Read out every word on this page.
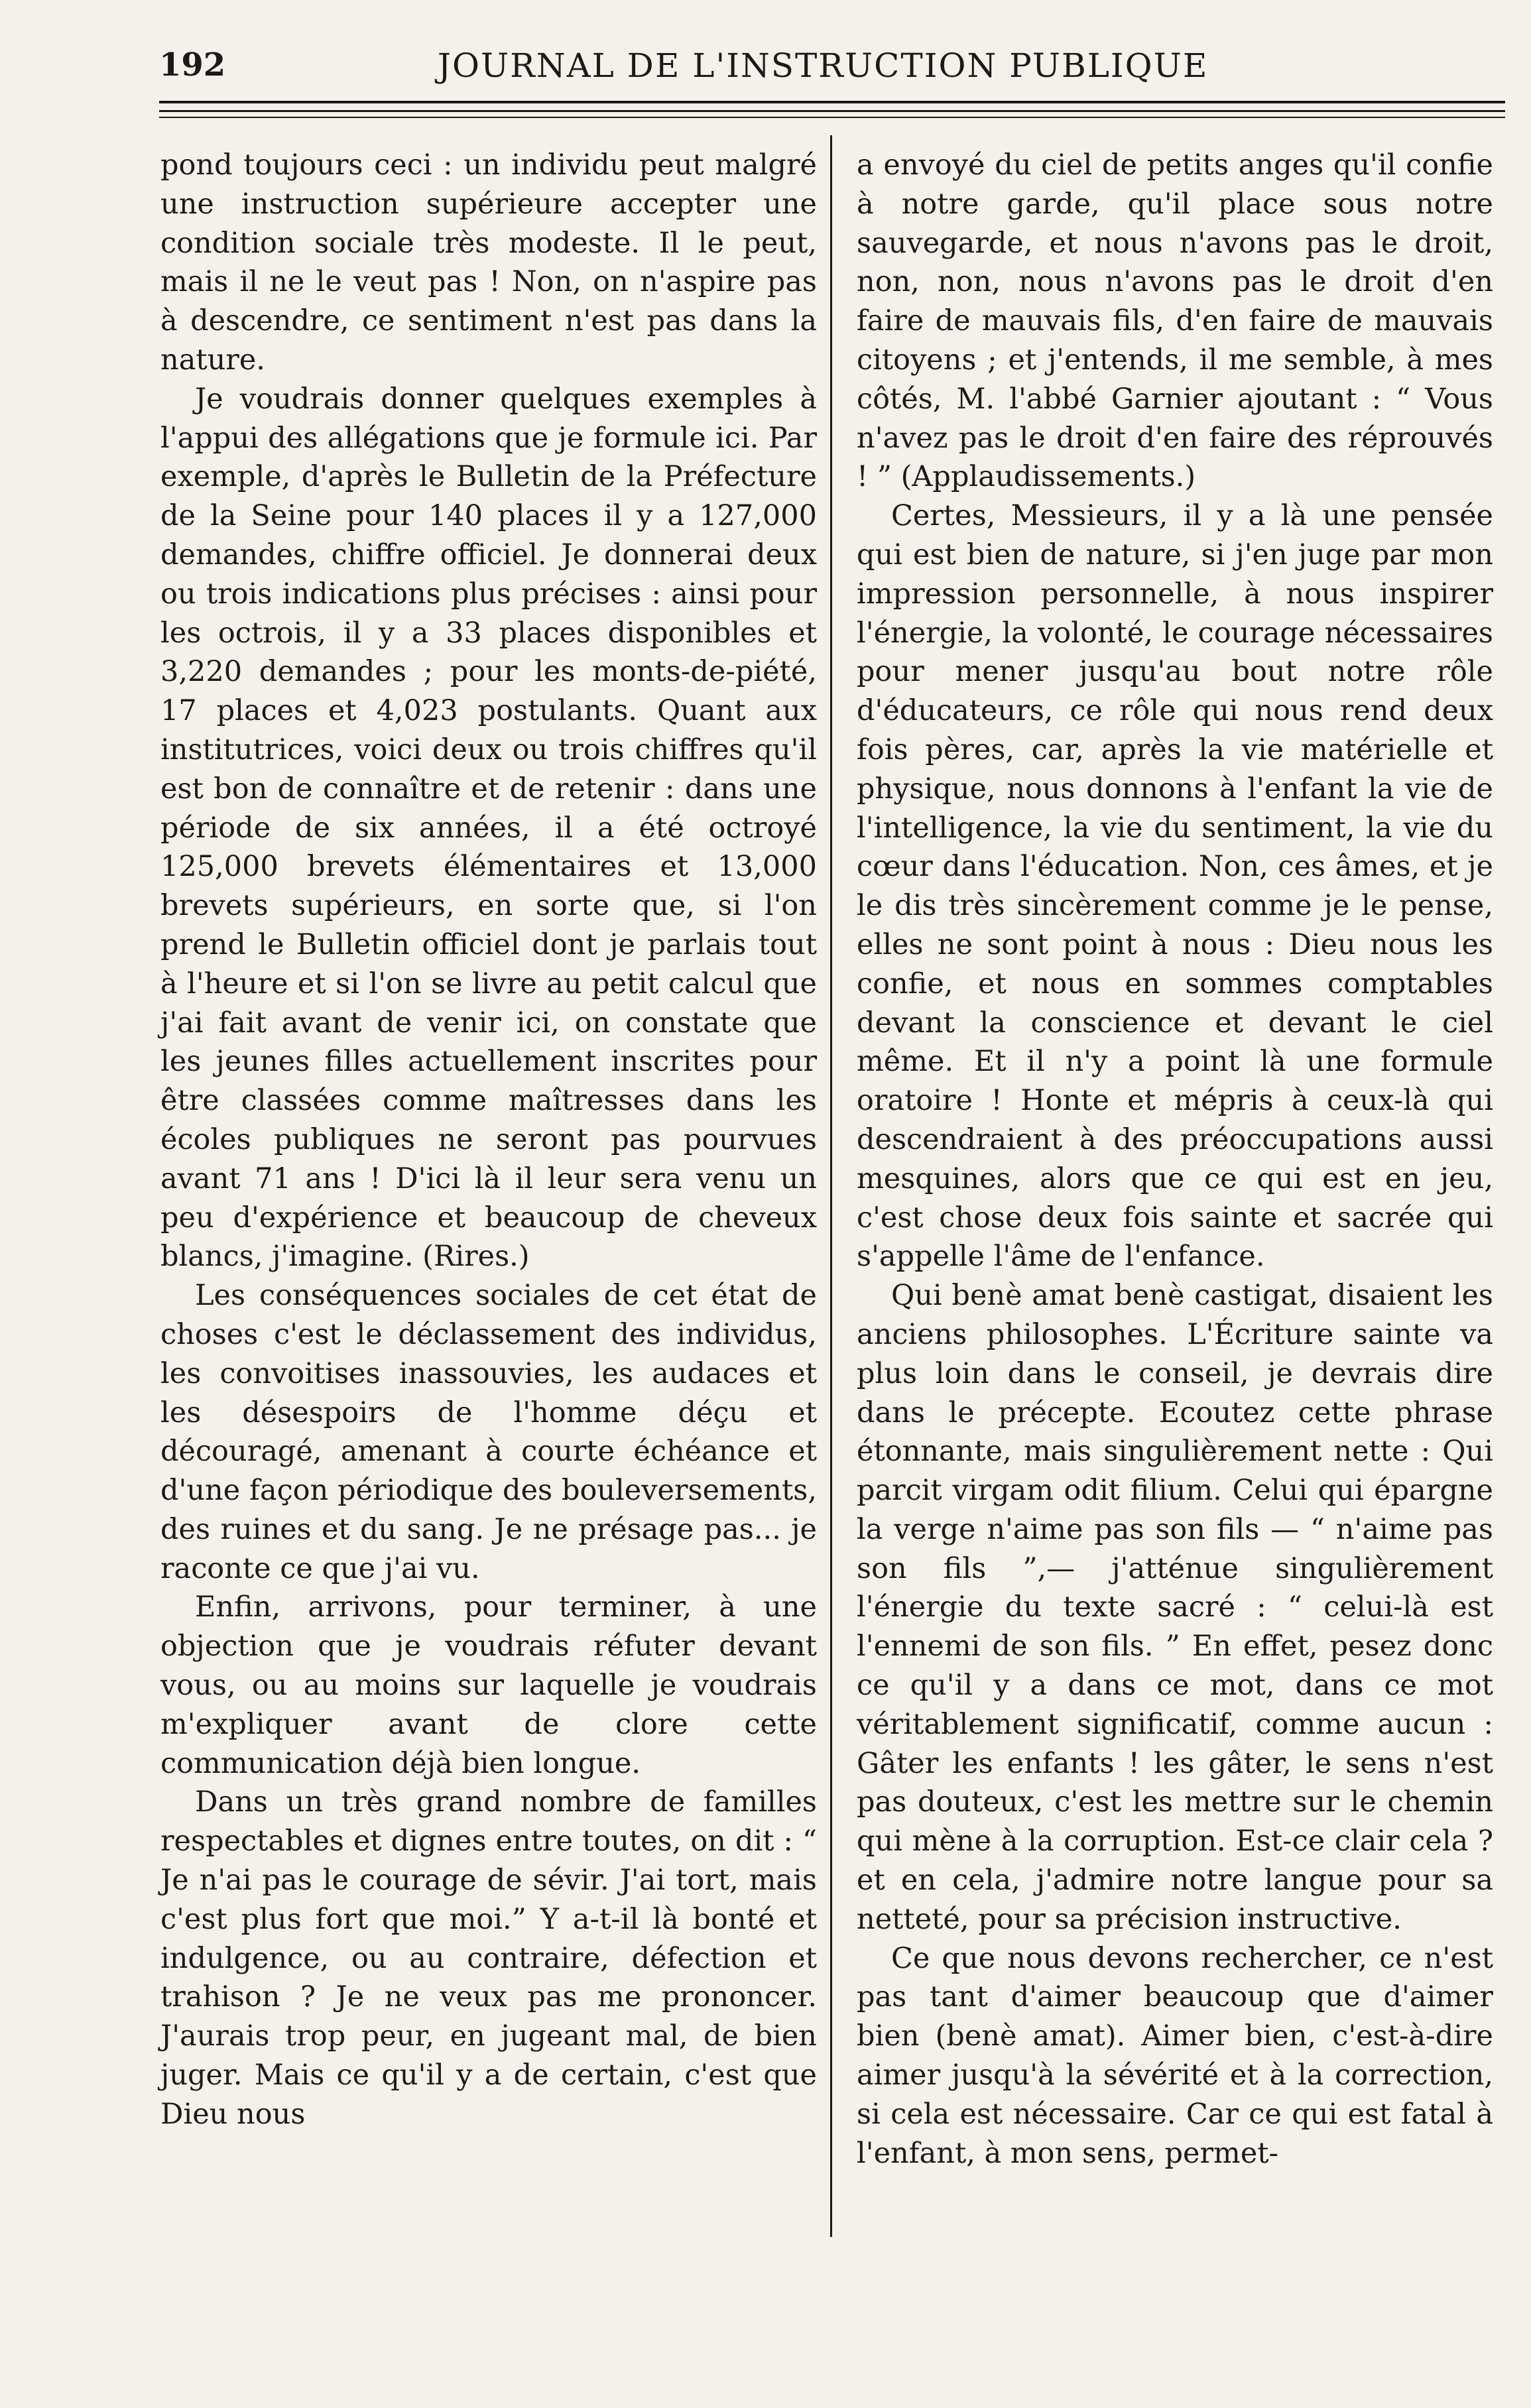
192	JOURNAL DE L'INSTRUCTION PUBLIQUE

pond toujours ceci : un individu peut malgré une instruction supérieure accepter une condition sociale très modeste. Il le peut, mais il ne le veut pas ! Non, on n'aspire pas à descendre, ce sentiment n'est pas dans la nature.

Je voudrais donner quelques exemples à l'appui des allégations que je formule ici. Par exemple, d'après le Bulletin de la Préfecture de la Seine pour 140 places il y a 127,000 demandes, chiffre officiel. Je donnerai deux ou trois indications plus précises : ainsi pour les octrois, il y a 33 places disponibles et 3,220 demandes ; pour les monts-de-piété, 17 places et 4,023 postulants. Quant aux institutrices, voici deux ou trois chiffres qu'il est bon de connaître et de retenir : dans une période de six années, il a été octroyé 125,000 brevets élémentaires et 13,000 brevets supérieurs, en sorte que, si l'on prend le Bulletin officiel dont je parlais tout à l'heure et si l'on se livre au petit calcul que j'ai fait avant de venir ici, on constate que les jeunes filles actuellement inscrites pour être classées comme maîtresses dans les écoles publiques ne seront pas pourvues avant 71 ans ! D'ici là il leur sera venu un peu d'expérience et beaucoup de cheveux blancs, j'imagine. (Rires.)

Les conséquences sociales de cet état de choses c'est le déclassement des individus, les convoitises inassouvies, les audaces et les désespoirs de l'homme déçu et découragé, amenant à courte échéance et d'une façon périodique des bouleversements, des ruines et du sang. Je ne présage pas... je raconte ce que j'ai vu.

Enfin, arrivons, pour terminer, à une objection que je voudrais réfuter devant vous, ou au moins sur laquelle je voudrais m'expliquer avant de clore cette communication déjà bien longue.

Dans un très grand nombre de familles respectables et dignes entre toutes, on dit : “ Je n'ai pas le courage de sévir. J'ai tort, mais c'est plus fort que moi.” Y a-t-il là bonté et indulgence, ou au contraire, défection et trahison ? Je ne veux pas me prononcer. J'aurais trop peur, en jugeant mal, de bien juger. Mais ce qu'il y a de certain, c'est que Dieu nous

a envoyé du ciel de petits anges qu'il confie à notre garde, qu'il place sous notre sauvegarde, et nous n'avons pas le droit, non, non, nous n'avons pas le droit d'en faire de mauvais fils, d'en faire de mauvais citoyens ; et j'entends, il me semble, à mes côtés, M. l'abbé Garnier ajoutant : “ Vous n'avez pas le droit d'en faire des réprouvés ! ” (Applaudissements.)

Certes, Messieurs, il y a là une pensée qui est bien de nature, si j'en juge par mon impression personnelle, à nous inspirer l'énergie, la volonté, le courage nécessaires pour mener jusqu'au bout notre rôle d'éducateurs, ce rôle qui nous rend deux fois pères, car, après la vie matérielle et physique, nous donnons à l'enfant la vie de l'intelligence, la vie du sentiment, la vie du cœur dans l'éducation. Non, ces âmes, et je le dis très sincèrement comme je le pense, elles ne sont point à nous : Dieu nous les confie, et nous en sommes comptables devant la conscience et devant le ciel même. Et il n'y a point là une formule oratoire ! Honte et mépris à ceux-là qui descendraient à des préoccupations aussi mesquines, alors que ce qui est en jeu, c'est chose deux fois sainte et sacrée qui s'appelle l'âme de l'enfance.

Qui benè amat benè castigat, disaient les anciens philosophes. L'Écriture sainte va plus loin dans le conseil, je devrais dire dans le précepte. Ecoutez cette phrase étonnante, mais singulièrement nette : Qui parcit virgam odit filium. Celui qui épargne la verge n'aime pas son fils — “ n'aime pas son fils ”,— j'atténue singulièrement l'énergie du texte sacré : “ celui-là est l'ennemi de son fils. ” En effet, pesez donc ce qu'il y a dans ce mot, dans ce mot véritablement significatif, comme aucun : Gâter les enfants ! les gâter, le sens n'est pas douteux, c'est les mettre sur le chemin qui mène à la corruption. Est-ce clair cela ? et en cela, j'admire notre langue pour sa netteté, pour sa précision instructive.

Ce que nous devons rechercher, ce n'est pas tant d'aimer beaucoup que d'aimer bien (benè amat). Aimer bien, c'est-à-dire aimer jusqu'à la sévérité et à la correction, si cela est nécessaire. Car ce qui est fatal à l'enfant, à mon sens, permet-
